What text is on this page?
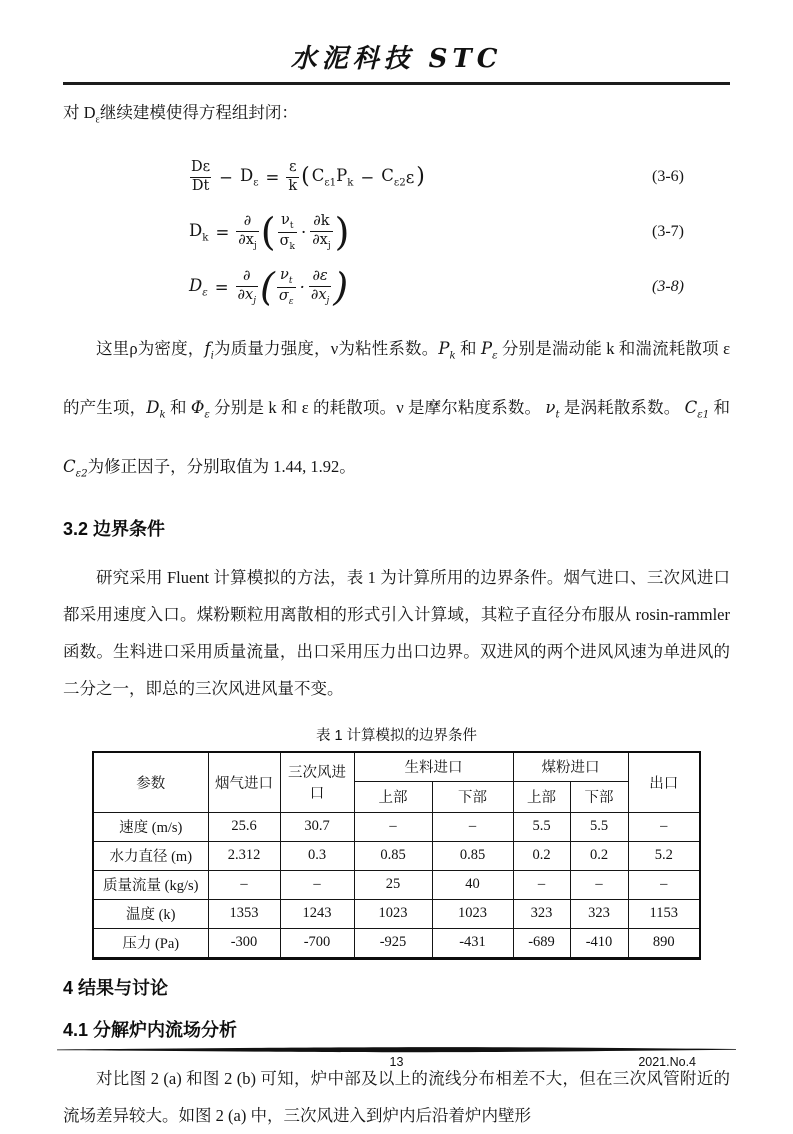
水泥科技 STC

对 $D_\varepsilon$继续建模使得方程组封闭：

$\frac{D\varepsilon}{Dt} - D_\varepsilon = \frac{\varepsilon}{k}$ ( $C_{\varepsilon 1}$ $P_k - C_{\varepsilon 2}$ ε )	(3-6)
$D_k = \frac{\partial}{\partial x_j}$ ( $\frac{\nu_t}{\sigma_k} \cdot \frac{\partial k}{\partial x_j}$ )	(3-7)
$D_\varepsilon = \frac{\partial}{\partial x_j}$ ( $\frac{\nu_t}{\sigma_\varepsilon} \cdot \frac{\partial\varepsilon}{\partial x_j}$ )	(3-8)

这里ρ为密度，$f_i$为质量力强度，ν为粘性系数。$P_k$ 和 $P_\varepsilon$ 分别是湍动能 k 和湍流耗散项 ε 的产生项，$D_k$ 和 $\Phi_\varepsilon$ 分别是 k 和 ε 的耗散项。ν 是摩尔粘度系数。 $\nu_t$ 是涡耗散系数。 $C_{\varepsilon 1}$ 和 $C_{\varepsilon 2}$为修正因子，分别取值为 1.44, 1.92。

3.2 边界条件

研究采用 Fluent 计算模拟的方法，表 1 为计算所用的边界条件。烟气进口、三次风进口都采用速度入口。煤粉颗粒用离散相的形式引入计算域，其粒子直径分布服从 rosin-rammler 函数。生料进口采用质量流量，出口采用压力出口边界。双进风的两个进风风速为单进风的二分之一，即总的三次风进风量不变。

表 1 计算模拟的边界条件
参数	烟气进口	三次风进口	生料进口		煤粉进口		出口
			上部	下部	上部	下部	
速度 (m/s)	25.6	30.7	–	–	5.5	5.5	–
水力直径 (m)	2.312	0.3	0.85	0.85	0.2	0.2	5.2
质量流量 (kg/s)	–	–	25	40	–	–	–
温度 (k)	1353	1243	1023	1023	323	323	1153
压力 (Pa)	-300	-700	-925	-431	-689	-410	890
4 结果与讨论
4.1 分解炉内流场分析

对比图 2 (a) 和图 2 (b) 可知，炉中部及以上的流线分布相差不大，但在三次风管附近的流场差异较大。如图 2 (a) 中，三次风进入到炉内后沿着炉内壁形

13	2021.No.4
